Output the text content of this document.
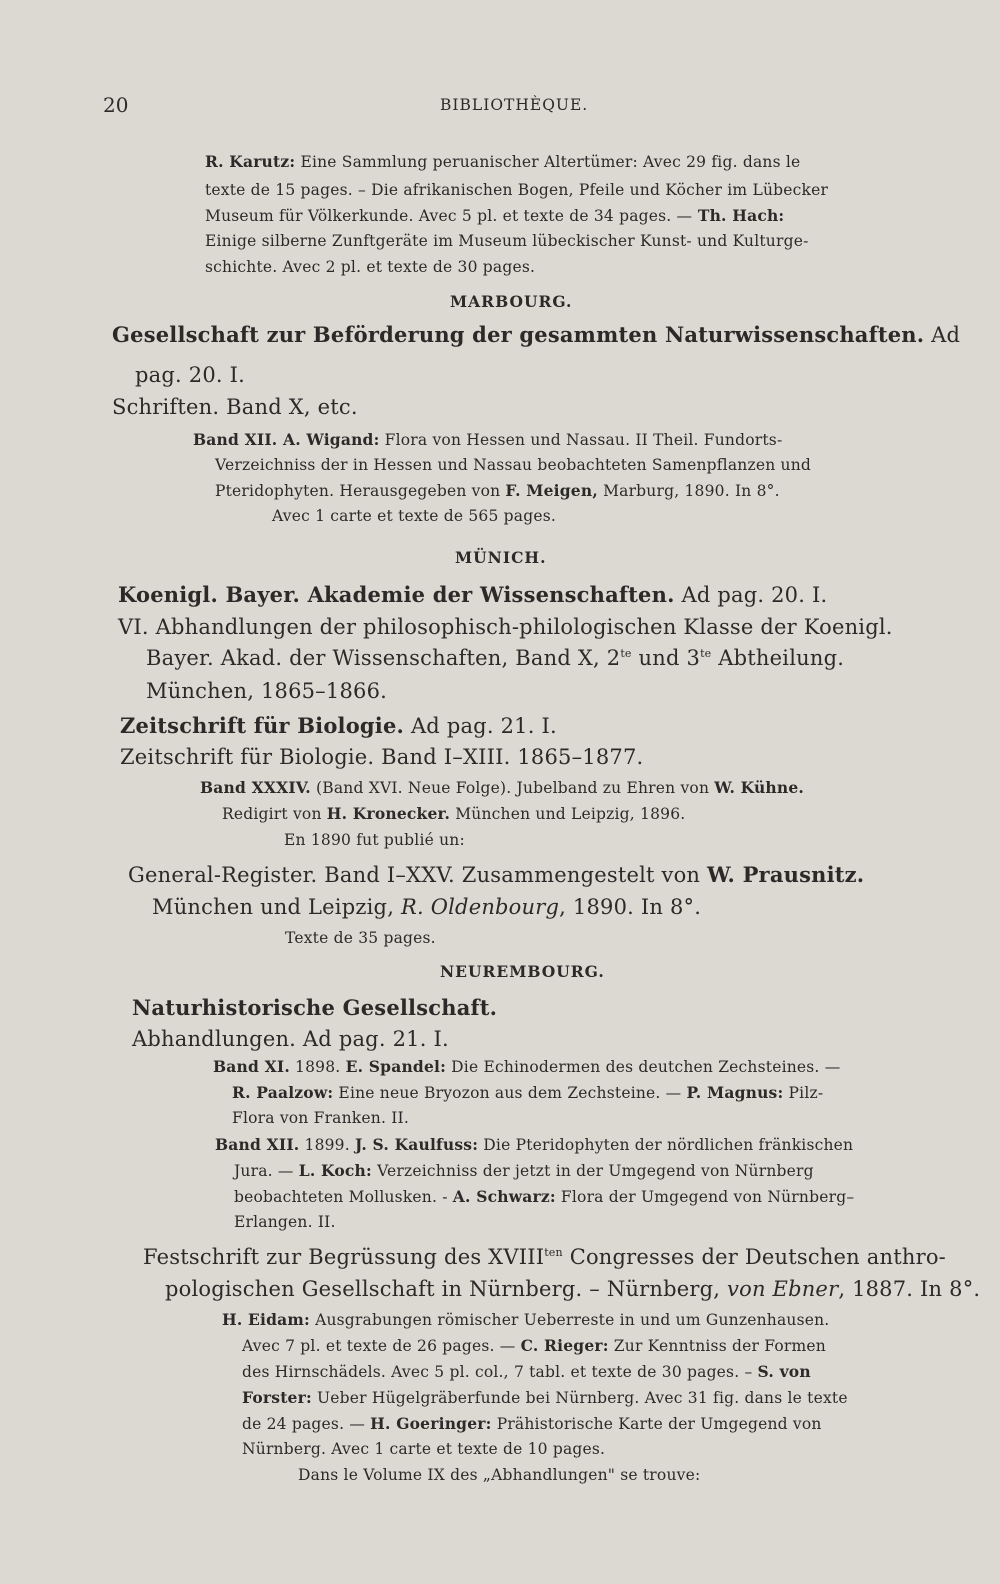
20	BIBLIOTHÈQUE.
R. Karutz: Eine Sammlung peruanischer Altertümer: Avec 29 fig. dans le
texte de 15 pages. – Die afrikanischen Bogen, Pfeile und Köcher im Lübecker
Museum für Völkerkunde. Avec 5 pl. et texte de 34 pages. — Th. Hach:
Einige silberne Zunftgeräte im Museum lübeckischer Kunst- und Kulturge-
schichte. Avec 2 pl. et texte de 30 pages.
MARBOURG.
Gesellschaft zur Beförderung der gesammten Naturwissenschaften. Ad
pag. 20. I.
Schriften. Band X, etc.
Band XII. A. Wigand: Flora von Hessen und Nassau. II Theil. Fundorts-
Verzeichniss der in Hessen und Nassau beobachteten Samenpflanzen und
Pteridophyten. Herausgegeben von F. Meigen, Marburg, 1890. In 8°.
Avec 1 carte et texte de 565 pages.
MÜNICH.
Koenigl. Bayer. Akademie der Wissenschaften. Ad pag. 20. I.
VI. Abhandlungen der philosophisch-philologischen Klasse der Koenigl.
Bayer. Akad. der Wissenschaften, Band X, $2^{te}$ und $3^{te}$ Abtheilung.
München, 1865–1866.
Zeitschrift für Biologie. Ad pag. 21. I.
Zeitschrift für Biologie. Band I–XIII. 1865–1877.
Band XXXIV. (Band XVI. Neue Folge). Jubelband zu Ehren von W. Kühne.
Redigirt von H. Kronecker. München und Leipzig, 1896.
En 1890 fut publié un:
General-Register. Band I–XXV. Zusammengestelt von W. Prausnitz.
München und Leipzig, R. Oldenbourg, 1890. In 8°.
Texte de 35 pages.
NEUREMBOURG.
Naturhistorische Gesellschaft.
Abhandlungen. Ad pag. 21. I.
Band XI. 1898. E. Spandel: Die Echinodermen des deutchen Zechsteines. —
R. Paalzow: Eine neue Bryozon aus dem Zechsteine. — P. Magnus: Pilz-
Flora von Franken. II.
Band XII. 1899. J. S. Kaulfuss: Die Pteridophyten der nördlichen fränkischen
Jura. — L. Koch: Verzeichniss der jetzt in der Umgegend von Nürnberg
beobachteten Mollusken. - A. Schwarz: Flora der Umgegend von Nürnberg–
Erlangen. II.
Festschrift zur Begrüssung des $XVIII^{ten}$ Congresses der Deutschen anthro-
pologischen Gesellschaft in Nürnberg. – Nürnberg, von Ebner, 1887. In 8°.
H. Eidam: Ausgrabungen römischer Ueberreste in und um Gunzenhausen.
Avec 7 pl. et texte de 26 pages. — C. Rieger: Zur Kenntniss der Formen
des Hirnschädels. Avec 5 pl. col., 7 tabl. et texte de 30 pages. – S. von
Forster: Ueber Hügelgräberfunde bei Nürnberg. Avec 31 fig. dans le texte
de 24 pages. — H. Goeringer: Prähistorische Karte der Umgegend von
Nürnberg. Avec 1 carte et texte de 10 pages.
Dans le Volume IX des „Abhandlungen" se trouve:
